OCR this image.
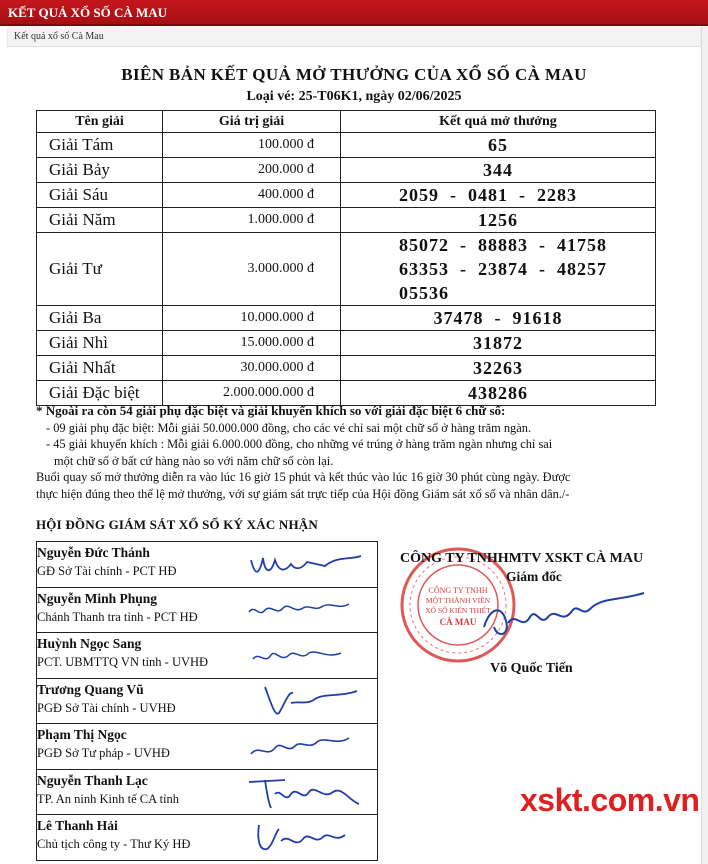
KẾT QUẢ XỔ SỐ CÀ MAU
Kết quả xổ số Cà Mau
BIÊN BẢN KẾT QUẢ MỞ THƯỞNG CỦA XỔ SỐ CÀ MAU
Loại vé: 25-T06K1, ngày 02/06/2025
Tên giải	Giá trị giải	Kết quả mở thưởng
Giải Tám	100.000 đ	65

Giải Bảy	200.000 đ	344

Giải Sáu	400.000 đ	2059  -  0481  -  2283

Giải Năm	1.000.000 đ	1256

Giải Tư	3.000.000 đ	85072  -  88883  -  41758
63353  -  23874  -  48257
05536

Giải Ba	10.000.000 đ	37478  -  91618

Giải Nhì	15.000.000 đ	31872

Giải Nhất	30.000.000 đ	32263

Giải Đặc biệt	2.000.000.000 đ	438286
* Ngoài ra còn 54 giải phụ đặc biệt và giải khuyến khích so với giải đặc biệt 6 chữ số:
- 09 giải phụ đặc biệt: Mỗi giải 50.000.000 đồng, cho các vé chỉ sai một chữ số ở hàng trăm ngàn.
- 45 giải khuyến khích : Mỗi giải 6.000.000 đồng, cho những vé trúng ở hàng trăm ngàn nhưng chỉ sai
một chữ số ở bất cứ hàng nào so với năm chữ số còn lại.
Buổi quay số mở thưởng diễn ra vào lúc 16 giờ 15 phút và kết thúc vào lúc 16 giờ 30 phút cùng ngày. Được
thực hiện đúng theo thể lệ mở thưởng, với sự giám sát trực tiếp của Hội đồng Giám sát xổ số và nhân dân./-
HỘI ĐỒNG GIÁM SÁT XỔ SỐ KÝ XÁC NHẬN
Nguyễn Đức Thánh
GĐ Sở Tài chính - PCT HĐ

Nguyễn Minh Phụng
Chánh Thanh tra tỉnh - PCT HĐ

Huỳnh Ngọc Sang
PCT. UBMTTQ VN tỉnh - UVHĐ

Trương Quang Vũ
PGĐ Sở Tài chính - UVHĐ

Phạm Thị Ngọc
PGĐ Sở Tư pháp - UVHĐ

Nguyễn Thanh Lạc
TP. An ninh Kinh tế CA tỉnh

Lê Thanh Hải
Chủ tịch công ty - Thư Ký HĐ
CÔNG TY TNHH
MỘT THÀNH VIÊN
XỔ SỐ KIẾN THIẾT
CÀ MAU
CÔNG TY TNHHMTV XSKT CÀ MAU
Giám đốc
Võ Quốc Tiến
xskt.com.vn
